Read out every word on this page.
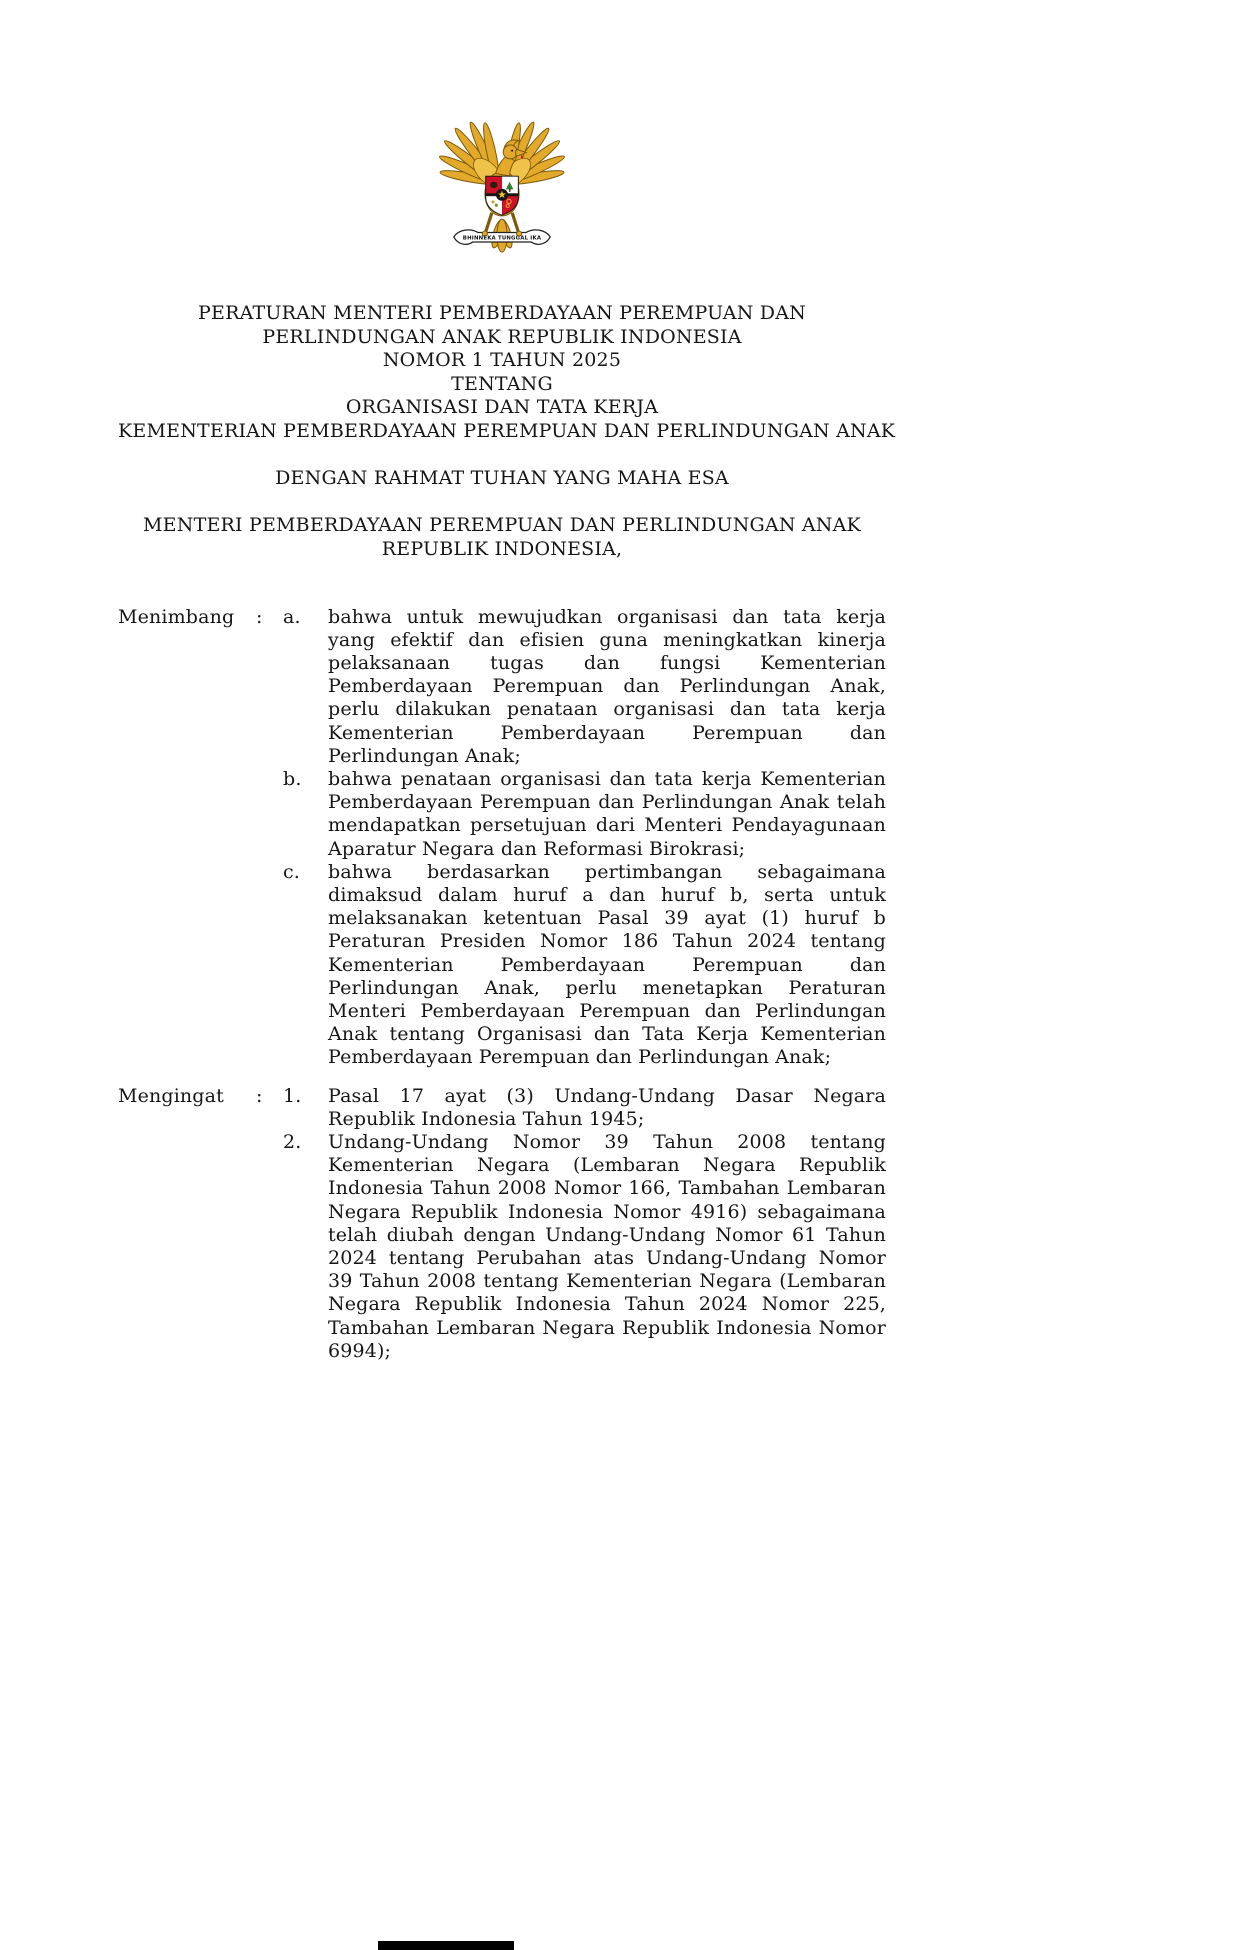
BHINNEKA TUNGGAL IKA
PERATURAN MENTERI PEMBERDAYAAN PEREMPUAN DAN
PERLINDUNGAN ANAK REPUBLIK INDONESIA
NOMOR 1 TAHUN 2025
TENTANG
ORGANISASI DAN TATA KERJA
KEMENTERIAN PEMBERDAYAAN PEREMPUAN DAN PERLINDUNGAN ANAK
DENGAN RAHMAT TUHAN YANG MAHA ESA
MENTERI PEMBERDAYAAN PEREMPUAN DAN PERLINDUNGAN ANAK
REPUBLIK INDONESIA,
Menimbang	:	a.	bahwa untuk mewujudkan organisasi dan tata kerja yang efektif dan efisien guna meningkatkan kinerja pelaksanaan tugas dan fungsi Kementerian Pemberdayaan Perempuan dan Perlindungan Anak, perlu dilakukan penataan organisasi dan tata kerja Kementerian Pemberdayaan Perempuan dan Perlindungan Anak;
b.	bahwa penataan organisasi dan tata kerja Kementerian Pemberdayaan Perempuan dan Perlindungan Anak telah mendapatkan persetujuan dari Menteri Pendayagunaan Aparatur Negara dan Reformasi Birokrasi;
c.	bahwa berdasarkan pertimbangan sebagaimana dimaksud dalam huruf a dan huruf b, serta untuk melaksanakan ketentuan Pasal 39 ayat (1) huruf b Peraturan Presiden Nomor 186 Tahun 2024 tentang Kementerian Pemberdayaan Perempuan dan Perlindungan Anak, perlu menetapkan Peraturan Menteri Pemberdayaan Perempuan dan Perlindungan Anak tentang Organisasi dan Tata Kerja Kementerian Pemberdayaan Perempuan dan Perlindungan Anak;
Mengingat	:	1.	Pasal 17 ayat (3) Undang-Undang Dasar Negara Republik Indonesia Tahun 1945;
2.	Undang-Undang Nomor 39 Tahun 2008 tentang Kementerian Negara (Lembaran Negara Republik Indonesia Tahun 2008 Nomor 166, Tambahan Lembaran Negara Republik Indonesia Nomor 4916) sebagaimana telah diubah dengan Undang-Undang Nomor 61 Tahun 2024 tentang Perubahan atas Undang-Undang Nomor 39 Tahun 2008 tentang Kementerian Negara (Lembaran Negara Republik Indonesia Tahun 2024 Nomor 225, Tambahan Lembaran Negara Republik Indonesia Nomor 6994);
